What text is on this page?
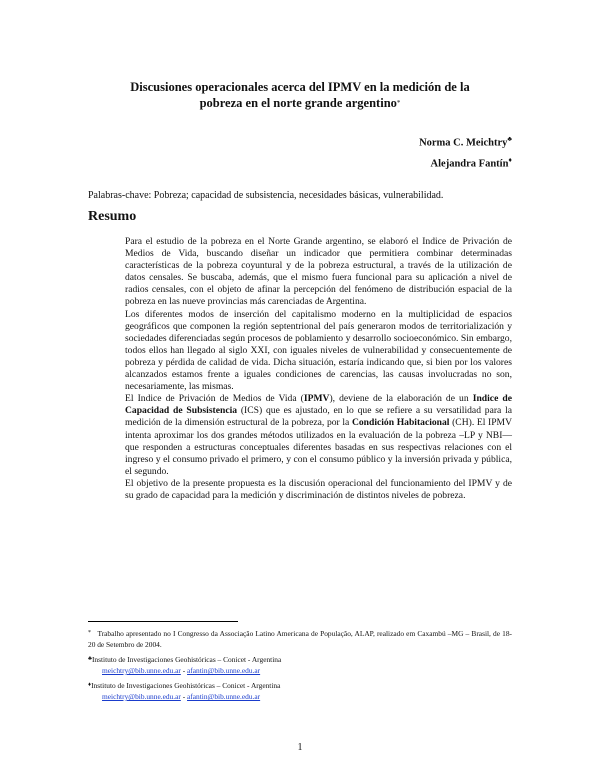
Discusiones operacionales acerca del IPMV en la medición de la
pobreza en el norte grande argentino*
Norma C. Meichtry♣
Alejandra Fantín♦
Palabras-chave: Pobreza; capacidad de subsistencia, necesidades básicas, vulnerabilidad.
Resumo

Para el estudio de la pobreza en el Norte Grande argentino, se elaboró el Indice de Privación de Medios de Vida, buscando diseñar un indicador que permitiera combinar determinadas características de la pobreza coyuntural y de la pobreza estructural, a través de la utilización de datos censales. Se buscaba, además, que el mismo fuera funcional para su aplicación a nivel de radios censales, con el objeto de afinar la percepción del fenómeno de distribución espacial de la pobreza en las nueve provincias más carenciadas de Argentina.

Los diferentes modos de inserción del capitalismo moderno en la multiplicidad de espacios geográficos que componen la región septentrional del país generaron modos de territorialización y sociedades diferenciadas según procesos de poblamiento y desarrollo socioeconómico. Sin embargo, todos ellos han llegado al siglo XXI, con iguales niveles de vulnerabilidad y consecuentemente de pobreza y pérdida de calidad de vida. Dicha situación, estaría indicando que, si bien por los valores alcanzados estamos frente a iguales condiciones de carencias, las causas involucradas no son, necesariamente, las mismas.

El Indice de Privación de Medios de Vida (IPMV), deviene de la elaboración de un Indice de Capacidad de Subsistencia (ICS) que es ajustado, en lo que se refiere a su versatilidad para la medición de la dimensión estructural de la pobreza, por la Condición Habitacional (CH). El IPMV intenta aproximar los dos grandes métodos utilizados en la evaluación de la pobreza –LP y NBI—que responden a estructuras conceptuales diferentes basadas en sus respectivas relaciones con el ingreso y el consumo privado el primero, y con el consumo público y la inversión privada y pública, el segundo.

El objetivo de la presente propuesta es la discusión operacional del funcionamiento del IPMV y de su grado de capacidad para la medición y discriminación de distintos niveles de pobreza.

* Trabalho apresentado no I Congresso da Associação Latino Americana de População, ALAP, realizado em Caxambú –MG – Brasil, de 18-20 de Setembro de 2004.

♣Instituto de Investigaciones Geohistóricas – Conicet - Argentina
meichtry@bib.unne.edu.ar - afantin@bib.unne.edu.ar

♦Instituto de Investigaciones Geohistóricas – Conicet - Argentina
meichtry@bib.unne.edu.ar - afantin@bib.unne.edu.ar

1
